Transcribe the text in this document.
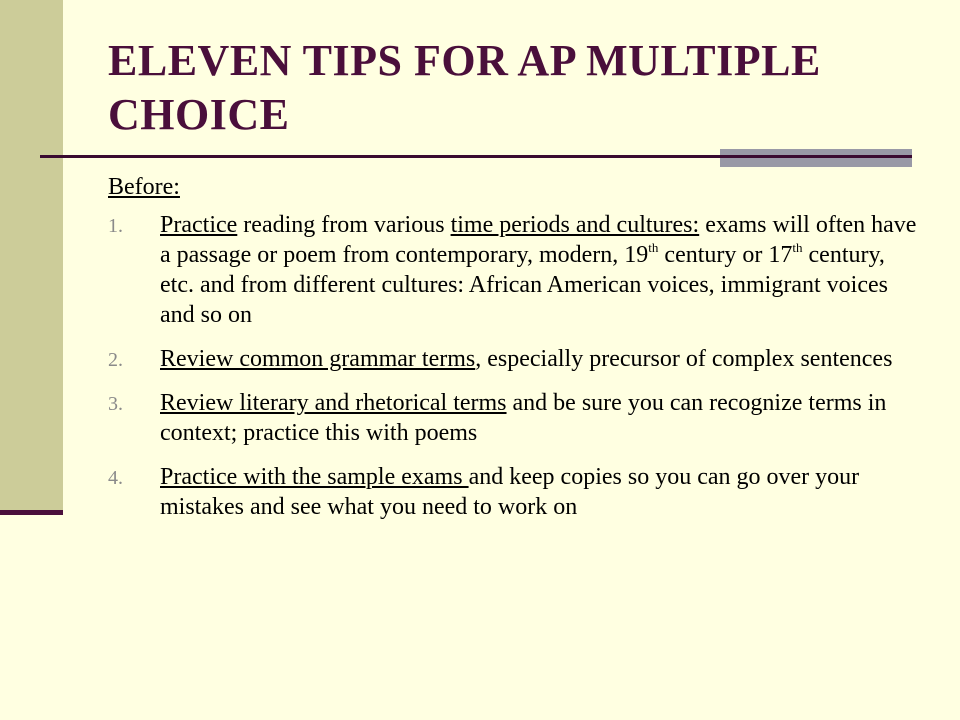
ELEVEN TIPS FOR AP MULTIPLE CHOICE
Before:
1. Practice reading from various time periods and cultures: exams will often have a passage or poem from contemporary, modern, 19th century or 17th century, etc. and from different cultures: African American voices, immigrant voices and so on
2. Review common grammar terms, especially precursor of complex sentences
3. Review literary and rhetorical terms and be sure you can recognize terms in context; practice this with poems
4. Practice with the sample exams and keep copies so you can go over your mistakes and see what you need to work on
